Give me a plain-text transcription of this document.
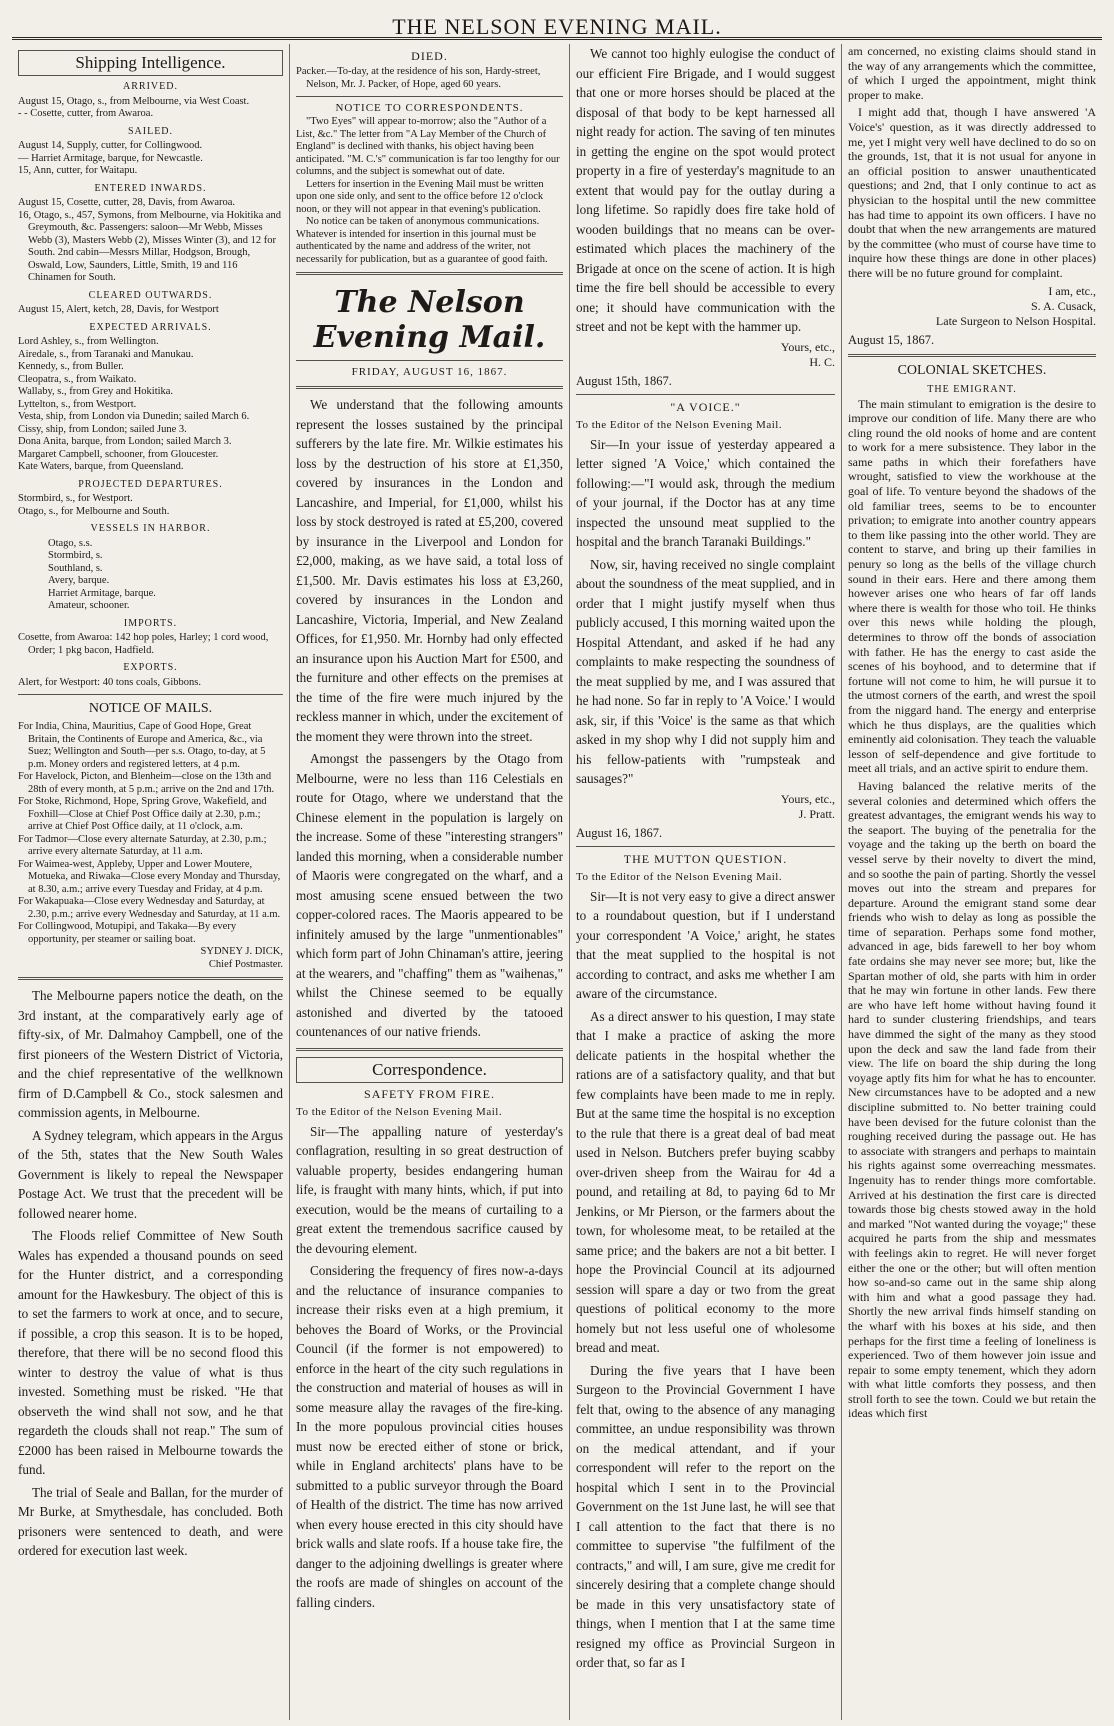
THE NELSON EVENING MAIL.
Shipping Intelligence.
ARRIVED.

August 15, Otago, s., from Melbourne, via West Coast.

- - Cosette, cutter, from Awaroa.

SAILED.

August 14, Supply, cutter, for Collingwood.

— Harriet Armitage, barque, for Newcastle.

15, Ann, cutter, for Waitapu.

ENTERED INWARDS.

August 15, Cosette, cutter, 28, Davis, from Awaroa.

16, Otago, s., 457, Symons, from Melbourne, via Hokitika and Greymouth, &c. Passengers: saloon—Mr Webb, Misses Webb (3), Masters Webb (2), Misses Winter (3), and 12 for South. 2nd cabin—Messrs Millar, Hodgson, Brough, Oswald, Low, Saunders, Little, Smith, 19 and 116 Chinamen for South.

CLEARED OUTWARDS.

August 15, Alert, ketch, 28, Davis, for Westport

EXPECTED ARRIVALS.

Lord Ashley, s., from Wellington.

Airedale, s., from Taranaki and Manukau.

Kennedy, s., from Buller.

Cleopatra, s., from Waikato.

Wallaby, s., from Grey and Hokitika.

Lyttelton, s., from Westport.

Vesta, ship, from London via Dunedin; sailed March 6.

Cissy, ship, from London; sailed June 3.

Dona Anita, barque, from London; sailed March 3.

Margaret Campbell, schooner, from Gloucester.

Kate Waters, barque, from Queensland.

PROJECTED DEPARTURES.

Stormbird, s., for Westport.

Otago, s., for Melbourne and South.

VESSELS IN HARBOR.

Otago, s.s.

Stormbird, s.

Southland, s.

Avery, barque.

Harriet Armitage, barque.

Amateur, schooner.

IMPORTS.

Cosette, from Awaroa: 142 hop poles, Harley; 1 cord wood, Order; 1 pkg bacon, Hadfield.

EXPORTS.

Alert, for Westport: 40 tons coals, Gibbons.

NOTICE OF MAILS.

For India, China, Mauritius, Cape of Good Hope, Great Britain, the Continents of Europe and America, &c., via Suez; Wellington and South—per s.s. Otago, to-day, at 5 p.m. Money orders and registered letters, at 4 p.m.

For Havelock, Picton, and Blenheim—close on the 13th and 28th of every month, at 5 p.m.; arrive on the 2nd and 17th.

For Stoke, Richmond, Hope, Spring Grove, Wakefield, and Foxhill—Close at Chief Post Office daily at 2.30, p.m.; arrive at Chief Post Office daily, at 11 o'clock, a.m.

For Tadmor—Close every alternate Saturday, at 2.30, p.m.; arrive every alternate Saturday, at 11 a.m.

For Waimea-west, Appleby, Upper and Lower Moutere, Motueka, and Riwaka—Close every Monday and Thursday, at 8.30, a.m.; arrive every Tuesday and Friday, at 4 p.m.

For Wakapuaka—Close every Wednesday and Saturday, at 2.30, p.m.; arrive every Wednesday and Saturday, at 11 a.m.

For Collingwood, Motupipi, and Takaka—By every opportunity, per steamer or sailing boat.

SYDNEY J. DICK,

Chief Postmaster.

The Melbourne papers notice the death, on the 3rd instant, at the comparatively early age of fifty-six, of Mr. Dalmahoy Campbell, one of the first pioneers of the Western District of Victoria, and the chief representative of the wellknown firm of D.Campbell & Co., stock salesmen and commission agents, in Melbourne.

A Sydney telegram, which appears in the Argus of the 5th, states that the New South Wales Government is likely to repeal the Newspaper Postage Act. We trust that the precedent will be followed nearer home.

The Floods relief Committee of New South Wales has expended a thousand pounds on seed for the Hunter district, and a corresponding amount for the Hawkesbury. The object of this is to set the farmers to work at once, and to secure, if possible, a crop this season. It is to be hoped, therefore, that there will be no second flood this winter to destroy the value of what is thus invested. Something must be risked. "He that observeth the wind shall not sow, and he that regardeth the clouds shall not reap." The sum of £2000 has been raised in Melbourne towards the fund.

The trial of Seale and Ballan, for the murder of Mr Burke, at Smythesdale, has concluded. Both prisoners were sentenced to death, and were ordered for execution last week.

DIED.

Packer.—To-day, at the residence of his son, Hardy-street, Nelson, Mr. J. Packer, of Hope, aged 60 years.

NOTICE TO CORRESPONDENTS.

"Two Eyes" will appear to-morrow; also the "Author of a List, &c." The letter from "A Lay Member of the Church of England" is declined with thanks, his object having been anticipated. "M. C.'s" communication is far too lengthy for our columns, and the subject is somewhat out of date.

Letters for insertion in the Evening Mail must be written upon one side only, and sent to the office before 12 o'clock noon, or they will not appear in that evening's publication.

No notice can be taken of anonymous communications. Whatever is intended for insertion in this journal must be authenticated by the name and address of the writer, not necessarily for publication, but as a guarantee of good faith.

The Nelson Evening Mail.
FRIDAY, AUGUST 16, 1867.

We understand that the following amounts represent the losses sustained by the principal sufferers by the late fire. Mr. Wilkie estimates his loss by the destruction of his store at £1,350, covered by insurances in the London and Lancashire, and Imperial, for £1,000, whilst his loss by stock destroyed is rated at £5,200, covered by insurance in the Liverpool and London for £2,000, making, as we have said, a total loss of £1,500. Mr. Davis estimates his loss at £3,260, covered by insurances in the London and Lancashire, Victoria, Imperial, and New Zealand Offices, for £1,950. Mr. Hornby had only effected an insurance upon his Auction Mart for £500, and the furniture and other effects on the premises at the time of the fire were much injured by the reckless manner in which, under the excitement of the moment they were thrown into the street.

Amongst the passengers by the Otago from Melbourne, were no less than 116 Celestials en route for Otago, where we understand that the Chinese element in the population is largely on the increase. Some of these "interesting strangers" landed this morning, when a considerable number of Maoris were congregated on the wharf, and a most amusing scene ensued between the two copper-colored races. The Maoris appeared to be infinitely amused by the large "unmentionables" which form part of John Chinaman's attire, jeering at the wearers, and "chaffing" them as "waihenas," whilst the Chinese seemed to be equally astonished and diverted by the tatooed countenances of our native friends.

Correspondence.
SAFETY FROM FIRE.
To the Editor of the Nelson Evening Mail.

Sir—The appalling nature of yesterday's conflagration, resulting in so great destruction of valuable property, besides endangering human life, is fraught with many hints, which, if put into execution, would be the means of curtailing to a great extent the tremendous sacrifice caused by the devouring element.

Considering the frequency of fires now-a-days and the reluctance of insurance companies to increase their risks even at a high premium, it behoves the Board of Works, or the Provincial Council (if the former is not empowered) to enforce in the heart of the city such regulations in the construction and material of houses as will in some measure allay the ravages of the fire-king. In the more populous provincial cities houses must now be erected either of stone or brick, while in England architects' plans have to be submitted to a public surveyor through the Board of Health of the district. The time has now arrived when every house erected in this city should have brick walls and slate roofs. If a house take fire, the danger to the adjoining dwellings is greater where the roofs are made of shingles on account of the falling cinders.

We cannot too highly eulogise the conduct of our efficient Fire Brigade, and I would suggest that one or more horses should be placed at the disposal of that body to be kept harnessed all night ready for action. The saving of ten minutes in getting the engine on the spot would protect property in a fire of yesterday's magnitude to an extent that would pay for the outlay during a long lifetime. So rapidly does fire take hold of wooden buildings that no means can be over-estimated which places the machinery of the Brigade at once on the scene of action. It is high time the fire bell should be accessible to every one; it should have communication with the street and not be kept with the hammer up.

Yours, etc.,
H. C.
August 15th, 1867.
"A VOICE."
To the Editor of the Nelson Evening Mail.

Sir—In your issue of yesterday appeared a letter signed 'A Voice,' which contained the following:—"I would ask, through the medium of your journal, if the Doctor has at any time inspected the unsound meat supplied to the hospital and the branch Taranaki Buildings."

Now, sir, having received no single complaint about the soundness of the meat supplied, and in order that I might justify myself when thus publicly accused, I this morning waited upon the Hospital Attendant, and asked if he had any complaints to make respecting the soundness of the meat supplied by me, and I was assured that he had none. So far in reply to 'A Voice.' I would ask, sir, if this 'Voice' is the same as that which asked in my shop why I did not supply him and his fellow-patients with "rumpsteak and sausages?"

Yours, etc.,
J. Pratt.
August 16, 1867.
THE MUTTON QUESTION.
To the Editor of the Nelson Evening Mail.

Sir—It is not very easy to give a direct answer to a roundabout question, but if I understand your correspondent 'A Voice,' aright, he states that the meat supplied to the hospital is not according to contract, and asks me whether I am aware of the circumstance.

As a direct answer to his question, I may state that I make a practice of asking the more delicate patients in the hospital whether the rations are of a satisfactory quality, and that but few complaints have been made to me in reply. But at the same time the hospital is no exception to the rule that there is a great deal of bad meat used in Nelson. Butchers prefer buying scabby over-driven sheep from the Wairau for 4d a pound, and retailing at 8d, to paying 6d to Mr Jenkins, or Mr Pierson, or the farmers about the town, for wholesome meat, to be retailed at the same price; and the bakers are not a bit better. I hope the Provincial Council at its adjourned session will spare a day or two from the great questions of political economy to the more homely but not less useful one of wholesome bread and meat.

During the five years that I have been Surgeon to the Provincial Government I have felt that, owing to the absence of any managing committee, an undue responsibility was thrown on the medical attendant, and if your correspondent will refer to the report on the hospital which I sent in to the Provincial Government on the 1st June last, he will see that I call attention to the fact that there is no committee to supervise "the fulfilment of the contracts," and will, I am sure, give me credit for sincerely desiring that a complete change should be made in this very unsatisfactory state of things, when I mention that I at the same time resigned my office as Provincial Surgeon in order that, so far as I

am concerned, no existing claims should stand in the way of any arrangements which the committee, of which I urged the appointment, might think proper to make.

I might add that, though I have answered 'A Voice's' question, as it was directly addressed to me, yet I might very well have declined to do so on the grounds, 1st, that it is not usual for anyone in an official position to answer unauthenticated questions; and 2nd, that I only continue to act as physician to the hospital until the new committee has had time to appoint its own officers. I have no doubt that when the new arrangements are matured by the committee (who must of course have time to inquire how these things are done in other places) there will be no future ground for complaint.

I am, etc.,
S. A. Cusack,
Late Surgeon to Nelson Hospital.
August 15, 1867.
COLONIAL SKETCHES.
THE EMIGRANT.

The main stimulant to emigration is the desire to improve our condition of life. Many there are who cling round the old nooks of home and are content to work for a mere subsistence. They labor in the same paths in which their forefathers have wrought, satisfied to view the workhouse at the goal of life. To venture beyond the shadows of the old familiar trees, seems to be to encounter privation; to emigrate into another country appears to them like passing into the other world. They are content to starve, and bring up their families in penury so long as the bells of the village church sound in their ears. Here and there among them however arises one who hears of far off lands where there is wealth for those who toil. He thinks over this news while holding the plough, determines to throw off the bonds of association with father. He has the energy to cast aside the scenes of his boyhood, and to determine that if fortune will not come to him, he will pursue it to the utmost corners of the earth, and wrest the spoil from the niggard hand. The energy and enterprise which he thus displays, are the qualities which eminently aid colonisation. They teach the valuable lesson of self-dependence and give fortitude to meet all trials, and an active spirit to endure them.

Having balanced the relative merits of the several colonies and determined which offers the greatest advantages, the emigrant wends his way to the seaport. The buying of the penetralia for the voyage and the taking up the berth on board the vessel serve by their novelty to divert the mind, and so soothe the pain of parting. Shortly the vessel moves out into the stream and prepares for departure. Around the emigrant stand some dear friends who wish to delay as long as possible the time of separation. Perhaps some fond mother, advanced in age, bids farewell to her boy whom fate ordains she may never see more; but, like the Spartan mother of old, she parts with him in order that he may win fortune in other lands. Few there are who have left home without having found it hard to sunder clustering friendships, and tears have dimmed the sight of the many as they stood upon the deck and saw the land fade from their view. The life on board the ship during the long voyage aptly fits him for what he has to encounter. New circumstances have to be adopted and a new discipline submitted to. No better training could have been devised for the future colonist than the roughing received during the passage out. He has to associate with strangers and perhaps to maintain his rights against some overreaching messmates. Ingenuity has to render things more comfortable. Arrived at his destination the first care is directed towards those big chests stowed away in the hold and marked "Not wanted during the voyage;" these acquired he parts from the ship and messmates with feelings akin to regret. He will never forget either the one or the other; but will often mention how so-and-so came out in the same ship along with him and what a good passage they had. Shortly the new arrival finds himself standing on the wharf with his boxes at his side, and then perhaps for the first time a feeling of loneliness is experienced. Two of them however join issue and repair to some empty tenement, which they adorn with what little comforts they possess, and then stroll forth to see the town. Could we but retain the ideas which first
